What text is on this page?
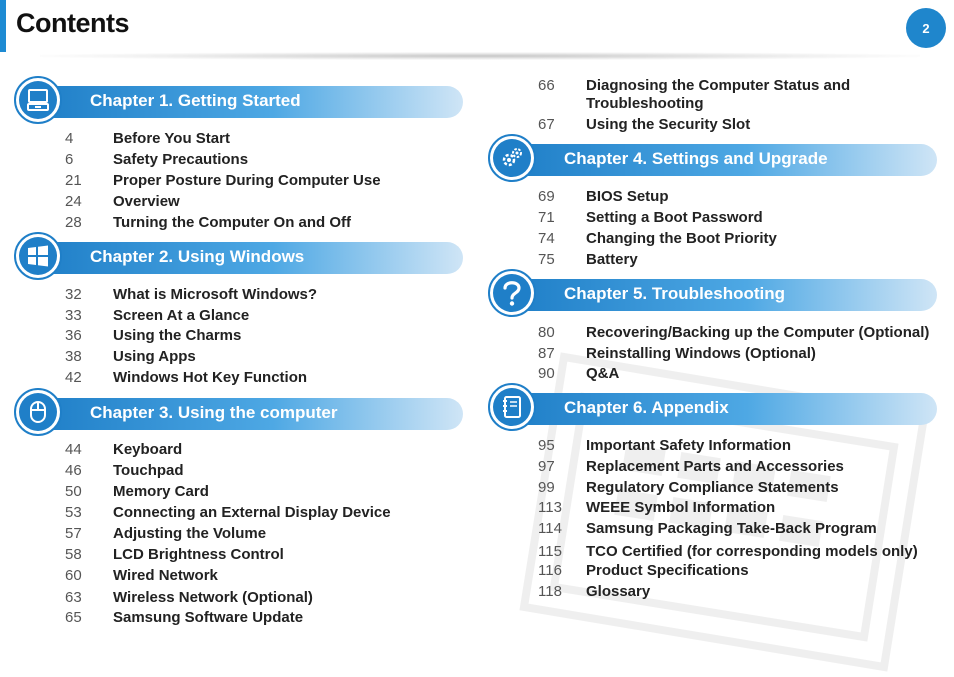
Contents	2
Chapter 1. Getting Started
4	Before You Start
6	Safety Precautions
21	Proper Posture During Computer Use
24	Overview
28	Turning the Computer On and Off
Chapter 2. Using Windows
32	What is Microsoft Windows?
33	Screen At a Glance
36	Using the Charms
38	Using Apps
42	Windows Hot Key Function
Chapter 3. Using the computer
44	Keyboard
46	Touchpad
50	Memory Card
53	Connecting an External Display Device
57	Adjusting the Volume
58	LCD Brightness Control
60	Wired Network
63	Wireless Network (Optional)
65	Samsung Software Update
66	Diagnosing the Computer Status and Troubleshooting
67	Using the Security Slot
Chapter 4. Settings and Upgrade
69	BIOS Setup
71	Setting a Boot Password
74	Changing the Boot Priority
75	Battery
Chapter 5. Troubleshooting
80	Recovering/Backing up the Computer (Optional)
87	Reinstalling Windows (Optional)
90	Q&A
Chapter 6. Appendix
95	Important Safety Information
97	Replacement Parts and Accessories
99	Regulatory Compliance Statements
113	WEEE Symbol Information
114	Samsung Packaging Take-Back Program
115	TCO Certified (for corresponding models only)
116	Product Specifications
118	Glossary
